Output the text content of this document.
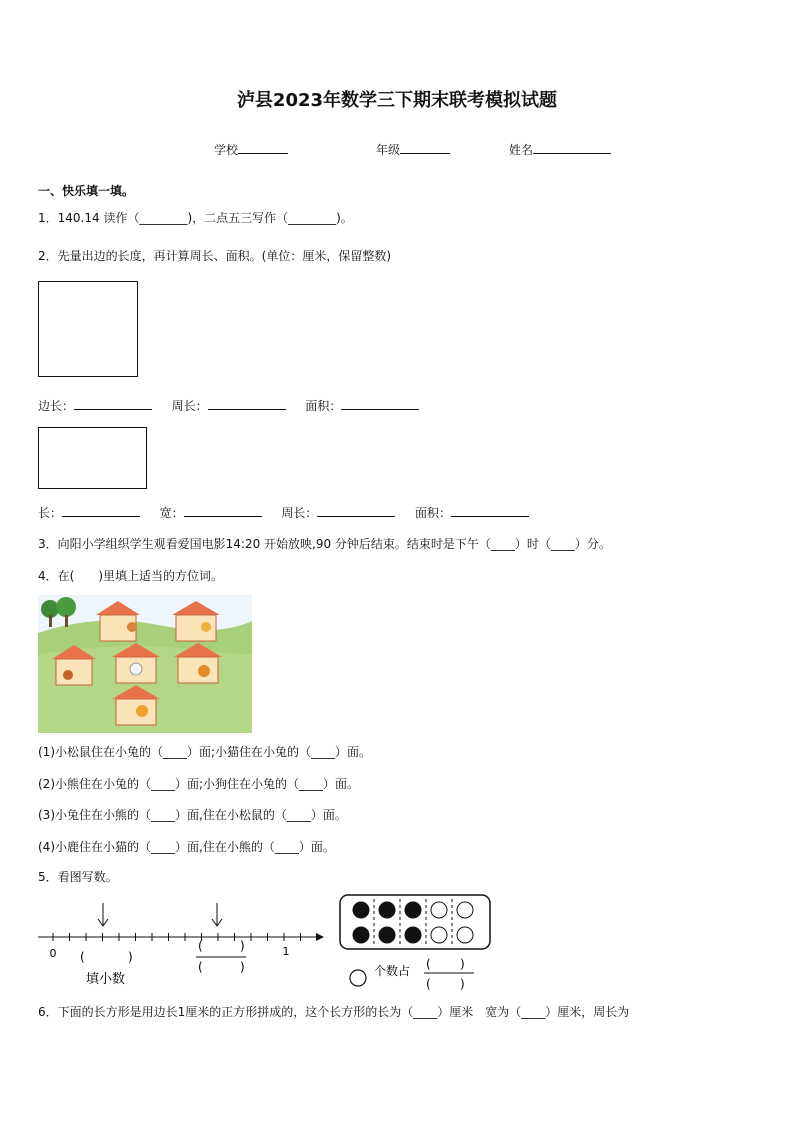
泸县2023年数学三下期末联考模拟试题
学校	年级	姓名
一、快乐填一填。
1．140.14 读作（________)，二点五三写作（________)。
2．先量出边的长度，再计算周长、面积。(单位：厘米，保留整数)
边长：	周长：	面积：
长：	宽：	周长：	面积：
3．向阳小学组织学生观看爱国电影14:20 开始放映,90 分钟后结束。结束时是下午（____）时（____）分。
4．在(　　)里填上适当的方位词。
(1)小松鼠住在小兔的（____）面;小猫住在小兔的（____）面。
(2)小熊住在小兔的（____）面;小狗住在小兔的（____）面。
(3)小兔住在小熊的（____）面,住在小松鼠的（____）面。
(4)小鹿住在小猫的（____）面,住在小熊的（____）面。
5．看图写数。
0	1
(	)
(	)
(	)
填小数
个数占 ( )
( )
6．下面的长方形是用边长1厘米的正方形拼成的，这个长方形的长为（____）厘米　宽为（____）厘米，周长为
